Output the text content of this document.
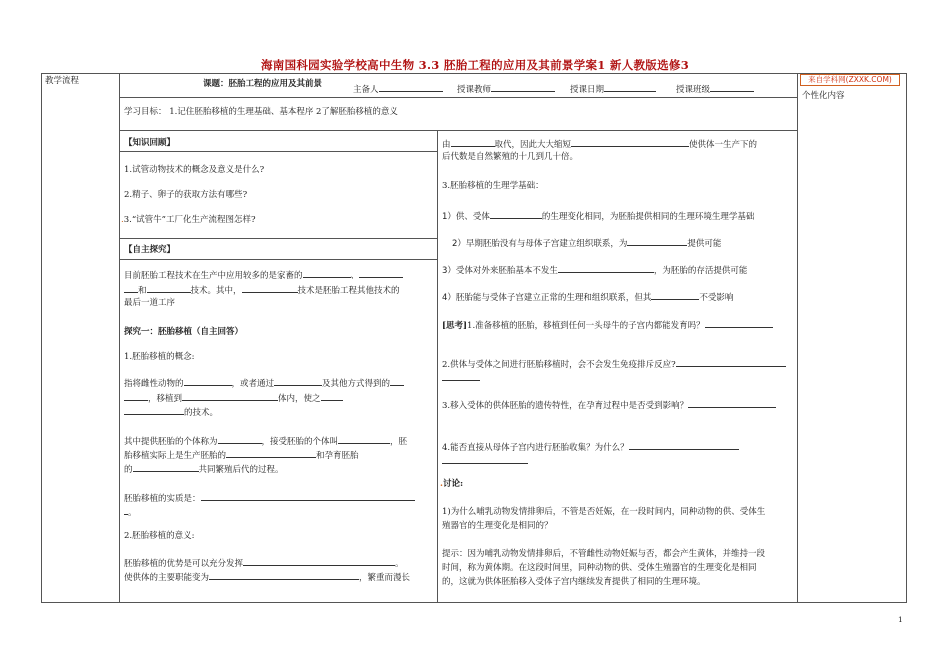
海南国科园实验学校高中生物 3.3 胚胎工程的应用及其前景学案1 新人教版选修3
教学流程	来自学科网(ZXXK.COM)
个性化内容
课题：胚胎工程的应用及其前景
主备人	授课教师	授课日期	授课班级
学习目标： 1.记住胚胎移植的生理基础、基本程序 2了解胚胎移植的意义
【知识回顾】
1.试管动物技术的概念及意义是什么?
2.精子、卵子的获取方法有哪些?
.3.“试管牛”工厂化生产流程图怎样?
【自主探究】
目前胚胎工程技术在生产中应用较多的是家畜的	、
和	技术。其中，	技术是胚胎工程其他技术的
最后一道工序
探究一：胚胎移植（自主回答）
1.胚胎移植的概念:
指将雌性动物的	，或者通过	及其他方式得到的
，移植到	体内，使之
的技术。
其中提供胚胎的个体称为	，接受胚胎的个体叫	，胚
胎移植实际上是生产胚胎的	和孕育胚胎
的	共同繁殖后代的过程。
胚胎移植的实质是：
。
2.胚胎移植的意义:
胚胎移植的优势是可以充分发挥	。
使供体的主要职能变为	，繁重而漫长
由	取代，因此大大缩短	使供体一生产下的
后代数是自然繁殖的十几到几十倍。
3.胚胎移植的生理学基础：
1）供、受体	的生理变化相同，为胚胎提供相同的生理环境生理学基础
2）早期胚胎没有与母体子宫建立组织联系，为	提供可能
3）受体对外来胚胎基本不发生	，为胚胎的存活提供可能
4）胚胎能与受体子宫建立正常的生理和组织联系，但其	不受影响
[思考]1.准备移植的胚胎，移植到任何一头母牛的子宫内都能发育吗？
2.供体与受体之间进行胚胎移植时，会不会发生免疫排斥反应?
3.移入受体的供体胚胎的遗传特性，在孕育过程中是否受到影响？
4.能否直接从母体子宫内进行胚胎收集？为什么？
.讨论:
1)为什么哺乳动物发情排卵后，不管是否妊娠，在一段时间内，同种动物的供、受体生
殖器官的生理变化是相同的？
提示：因为哺乳动物发情排卵后，不管雌性动物妊娠与否，都会产生黄体，并维持一段
时间，称为黄体期。在这段时间里，同种动物的供、受体生殖器官的生理变化是相同
的，这就为供体胚胎移入受体子宫内继续发育提供了相同的生理环境。
1
